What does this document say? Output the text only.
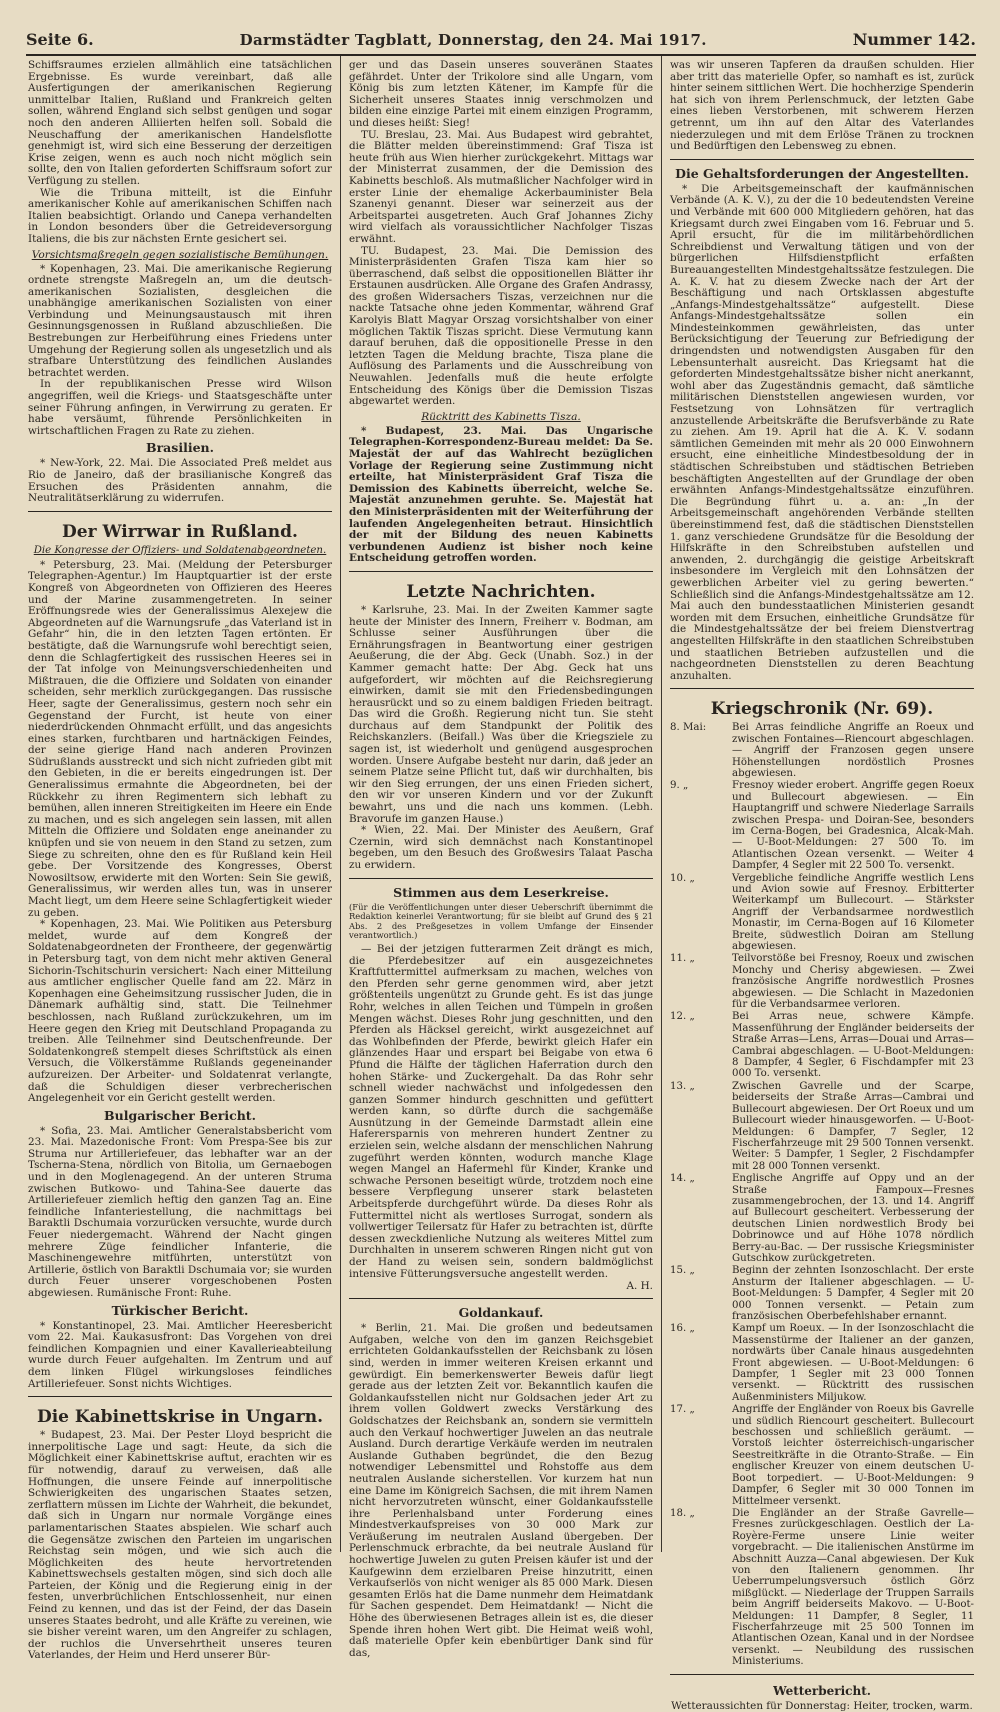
Seite 6.	Darmstädter Tagblatt, Donnerstag, den 24. Mai 1917.	Nummer 142.

Schiffsraumes erzielen allmählich eine tatsächlichen Ergebnisse. Es wurde vereinbart, daß alle Ausfertigungen der amerikanischen Regierung unmittelbar Italien, Rußland und Frankreich gelten sollen, während England sich selbst genügen und sogar noch den anderen Alliierten helfen soll. Sobald die Neuschaffung der amerikanischen Handelsflotte genehmigt ist, wird sich eine Besserung der derzeitigen Krise zeigen, wenn es auch noch nicht möglich sein sollte, den von Italien geforderten Schiffsraum sofort zur Verfügung zu stellen.

Wie die Tribuna mitteilt, ist die Einfuhr amerikanischer Kohle auf amerikanischen Schiffen nach Italien beabsichtigt. Orlando und Canepa verhandelten in London besonders über die Getreideversorgung Italiens, die bis zur nächsten Ernte gesichert sei.

Vorsichtsmaßregeln gegen sozialistische Bemühungen.

* Kopenhagen, 23. Mai. Die amerikanische Regierung ordnete strengste Maßregeln an, um die deutsch-amerikanischen Sozialisten, desgleichen die unabhängige amerikanischen Sozialisten von einer Verbindung und Meinungsaustausch mit ihren Gesinnungsgenossen in Rußland abzuschließen. Die Bestrebungen zur Herbeiführung eines Friedens unter Umgehung der Regierung sollen als ungesetzlich und als strafbare Unterstützung des feindlichen Auslandes betrachtet werden.

In der republikanischen Presse wird Wilson angegriffen, weil die Kriegs- und Staatsgeschäfte unter seiner Führung anfingen, in Verwirrung zu geraten. Er habe versäumt, führende Persönlichkeiten in wirtschaftlichen Fragen zu Rate zu ziehen.

Brasilien.

* New-York, 22. Mai. Die Associated Preß meldet aus Rio de Janeiro, daß der brasilianische Kongreß das Ersuchen des Präsidenten annahm, die Neutralitätserklärung zu widerrufen.

Der Wirrwar in Rußland.
Die Kongresse der Offiziers- und Soldatenabgeordneten.

* Petersburg, 23. Mai. (Meldung der Petersburger Telegraphen-Agentur.) Im Hauptquartier ist der erste Kongreß von Abgeordneten von Offizieren des Heeres und der Marine zusammengetreten. In seiner Eröffnungsrede wies der Generalissimus Alexejew die Abgeordneten auf die Warnungsrufe „das Vaterland ist in Gefahr“ hin, die in den letzten Tagen ertönten. Er bestätigte, daß die Warnungsrufe wohl berechtigt seien, denn die Schlagfertigkeit des russischen Heeres sei in der Tat infolge von Meinungsverschiedenheiten und Mißtrauen, die die Offiziere und Soldaten von einander scheiden, sehr merklich zurückgegangen. Das russische Heer, sagte der Generalissimus, gestern noch sehr ein Gegenstand der Furcht, ist heute von einer niederdrückenden Ohnmacht erfüllt, und das angesichts eines starken, furchtbaren und hartnäckigen Feindes, der seine gierige Hand nach anderen Provinzen Südrußlands ausstreckt und sich nicht zufrieden gibt mit den Gebieten, in die er bereits eingedrungen ist. Der Generalissimus ermahnte die Abgeordneten, bei der Rückkehr zu ihren Regimentern sich lebhaft zu bemühen, allen inneren Streitigkeiten im Heere ein Ende zu machen, und es sich angelegen sein lassen, mit allen Mitteln die Offiziere und Soldaten enge aneinander zu knüpfen und sie von neuem in den Stand zu setzen, zum Siege zu schreiten, ohne den es für Rußland kein Heil gebe. Der Vorsitzende des Kongresses, Oberst Nowosiltsow, erwiderte mit den Worten: Sein Sie gewiß, Generalissimus, wir werden alles tun, was in unserer Macht liegt, um dem Heere seine Schlagfertigkeit wieder zu geben.

* Kopenhagen, 23. Mai. Wie Politiken aus Petersburg meldet, wurde auf dem Kongreß der Soldatenabgeordneten der Frontheere, der gegenwärtig in Petersburg tagt, von dem nicht mehr aktiven General Sichorin-Tschitschurin versichert: Nach einer Mitteilung aus amtlicher englischer Quelle fand am 22. März in Kopenhagen eine Geheimsitzung russischer Juden, die in Dänemark aufhältig sind, statt. Die Teilnehmer beschlossen, nach Rußland zurückzukehren, um im Heere gegen den Krieg mit Deutschland Propaganda zu treiben. Alle Teilnehmer sind Deutschenfreunde. Der Soldatenkongreß stempelt dieses Schriftstück als einen Versuch, die Völkerstämme Rußlands gegeneinander aufzureizen. Der Arbeiter- und Soldatenrat verlangte, daß die Schuldigen dieser verbrecherischen Angelegenheit vor ein Gericht gestellt werden.

Bulgarischer Bericht.

* Sofia, 23. Mai. Amtlicher Generalstabsbericht vom 23. Mai. Mazedonische Front: Vom Prespa-See bis zur Struma nur Artilleriefeuer, das lebhafter war an der Tscherna-Stena, nördlich von Bitolia, um Gernaebogen und in den Moglenagegend. An der unteren Struma zwischen Butkowo- und Tahina-See dauerte das Artilleriefeuer ziemlich heftig den ganzen Tag an. Eine feindliche Infanteriestellung, die nachmittags bei Baraktli Dschumaia vorzurücken versuchte, wurde durch Feuer niedergemacht. Während der Nacht gingen mehrere Züge feindlicher Infanterie, die Maschinengewehre mitführten, unterstützt von Artillerie, östlich von Baraktli Dschumaia vor; sie wurden durch Feuer unserer vorgeschobenen Posten abgewiesen. Rumänische Front: Ruhe.

Türkischer Bericht.

* Konstantinopel, 23. Mai. Amtlicher Heeresbericht vom 22. Mai. Kaukasusfront: Das Vorgehen von drei feindlichen Kompagnien und einer Kavallerieabteilung wurde durch Feuer aufgehalten. Im Zentrum und auf dem linken Flügel wirkungsloses feindliches Artilleriefeuer. Sonst nichts Wichtiges.

Die Kabinettskrise in Ungarn.

* Budapest, 23. Mai. Der Pester Lloyd bespricht die innerpolitische Lage und sagt: Heute, da sich die Möglichkeit einer Kabinettskrise auftut, erachten wir es für notwendig, darauf zu verweisen, daß alle Hoffnungen, die unsere Feinde auf innerpolitische Schwierigkeiten des ungarischen Staates setzen, zerflattern müssen im Lichte der Wahrheit, die bekundet, daß sich in Ungarn nur normale Vorgänge eines parlamentarischen Staates abspielen. Wie scharf auch die Gegensätze zwischen den Parteien im ungarischen Reichstag sein mögen, und wie sich auch die Möglichkeiten des heute hervortretenden Kabinettswechsels gestalten mögen, sind sich doch alle Parteien, der König und die Regierung einig in der festen, unverbrüchlichen Entschlossenheit, nur einen Feind zu kennen, und das ist der Feind, der das Dasein unseres Staates bedroht, und alle Kräfte zu vereinen, wie sie bisher vereint waren, um den Angreifer zu schlagen, der ruchlos die Unversehrtheit unseres teuren Vaterlandes, der Heim und Herd unserer Bür-

ger und das Dasein unseres souveränen Staates gefährdet. Unter der Trikolore sind alle Ungarn, vom König bis zum letzten Kätener, im Kampfe für die Sicherheit unseres Staates innig verschmolzen und bilden eine einzige Partei mit einem einzigen Programm, und dieses heißt: Sieg!

TU. Breslau, 23. Mai. Aus Budapest wird gebrahtet, die Blätter melden übereinstimmend: Graf Tisza ist heute früh aus Wien hierher zurückgekehrt. Mittags war der Ministerrat zusammen, der die Demission des Kabinetts beschloß. Als mutmaßlicher Nachfolger wird in erster Linie der ehemalige Ackerbauminister Bela Szanenyi genannt. Dieser war seinerzeit aus der Arbeitspartei ausgetreten. Auch Graf Johannes Zichy wird vielfach als voraussichtlicher Nachfolger Tiszas erwähnt.

TU. Budapest, 23. Mai. Die Demission des Ministerpräsidenten Grafen Tisza kam hier so überraschend, daß selbst die oppositionellen Blätter ihr Erstaunen ausdrücken. Alle Organe des Grafen Andrassy, des großen Widersachers Tiszas, verzeichnen nur die nackte Tatsache ohne jeden Kommentar, während Graf Karolyis Blatt Magyar Orszag vorsichtshalber von einer möglichen Taktik Tiszas spricht. Diese Vermutung kann darauf beruhen, daß die oppositionelle Presse in den letzten Tagen die Meldung brachte, Tisza plane die Auflösung des Parlaments und die Ausschreibung von Neuwahlen. Jedenfalls muß die heute erfolgte Entscheidung des Königs über die Demission Tiszas abgewartet werden.

Rücktritt des Kabinetts Tisza.

* Budapest, 23. Mai. Das Ungarische Telegraphen-Korrespondenz-Bureau meldet: Da Se. Majestät der auf das Wahlrecht bezüglichen Vorlage der Regierung seine Zustimmung nicht erteilte, hat Ministerpräsident Graf Tisza die Demission des Kabinetts überreicht, welche Se. Majestät anzunehmen geruhte. Se. Majestät hat den Ministerpräsidenten mit der Weiterführung der laufenden Angelegenheiten betraut. Hinsichtlich der mit der Bildung des neuen Kabinetts verbundenen Audienz ist bisher noch keine Entscheidung getroffen worden.

Letzte Nachrichten.

* Karlsruhe, 23. Mai. In der Zweiten Kammer sagte heute der Minister des Innern, Freiherr v. Bodman, am Schlusse seiner Ausführungen über die Ernährungsfragen in Beantwortung einer gestrigen Aeußerung, die der Abg. Geck (Unabh. Soz.) in der Kammer gemacht hatte: Der Abg. Geck hat uns aufgefordert, wir möchten auf die Reichsregierung einwirken, damit sie mit den Friedensbedingungen herausrückt und so zu einem baldigen Frieden beitragt. Das wird die Großh. Regierung nicht tun. Sie steht durchaus auf dem Standpunkt der Politik des Reichskanzlers. (Beifall.) Was über die Kriegsziele zu sagen ist, ist wiederholt und genügend ausgesprochen worden. Unsere Aufgabe besteht nur darin, daß jeder an seinem Platze seine Pflicht tut, daß wir durchhalten, bis wir den Sieg errungen, der uns einen Frieden sichert, den wir vor unseren Kindern und vor der Zukunft bewahrt, uns und die nach uns kommen. (Lebh. Bravorufe im ganzen Hause.)

* Wien, 22. Mai. Der Minister des Aeußern, Graf Czernin, wird sich demnächst nach Konstantinopel begeben, um den Besuch des Großwesirs Talaat Pascha zu erwidern.

Stimmen aus dem Leserkreise.

(Für die Veröffentlichungen unter dieser Ueberschrift übernimmt die Redaktion keinerlei Verantwortung; für sie bleibt auf Grund des § 21 Abs. 2 des Preßgesetzes in vollem Umfange der Einsender verantwortlich.)

— Bei der jetzigen futterarmen Zeit drängt es mich, die Pferdebesitzer auf ein ausgezeichnetes Kraftfuttermittel aufmerksam zu machen, welches von den Pferden sehr gerne genommen wird, aber jetzt größtenteils ungenützt zu Grunde geht. Es ist das junge Rohr, welches in allen Teichen und Tümpeln in großen Mengen wächst. Dieses Rohr jung geschnitten, und den Pferden als Häcksel gereicht, wirkt ausgezeichnet auf das Wohlbefinden der Pferde, bewirkt gleich Hafer ein glänzendes Haar und erspart bei Beigabe von etwa 6 Pfund die Hälfte der täglichen Haferration durch den hohen Stärke- und Zuckergehalt. Da das Rohr sehr schnell wieder nachwächst und infolgedessen den ganzen Sommer hindurch geschnitten und gefüttert werden kann, so dürfte durch die sachgemäße Ausnützung in der Gemeinde Darmstadt allein eine Haferersparnis von mehreren hundert Zentner zu erzielen sein, welche alsdann der menschlichen Nahrung zugeführt werden könnten, wodurch manche Klage wegen Mangel an Hafermehl für Kinder, Kranke und schwache Personen beseitigt würde, trotzdem noch eine bessere Verpflegung unserer stark belasteten Arbeitspferde durchgeführt würde. Da dieses Rohr als Futtermittel nicht als wertloses Surrogat, sondern als vollwertiger Teilersatz für Hafer zu betrachten ist, dürfte dessen zweckdienliche Nutzung als weiteres Mittel zum Durchhalten in unserem schweren Ringen nicht gut von der Hand zu weisen sein, sondern baldmöglichst intensive Fütterungsversuche angestellt werden.

A. H.

Goldankauf.

* Berlin, 21. Mai. Die großen und bedeutsamen Aufgaben, welche von den im ganzen Reichsgebiet errichteten Goldankaufsstellen der Reichsbank zu lösen sind, werden in immer weiteren Kreisen erkannt und gewürdigt. Ein bemerkenswerter Beweis dafür liegt gerade aus der letzten Zeit vor. Bekanntlich kaufen die Goldankaufsstellen nicht nur Goldsachen jeder Art zu ihrem vollen Goldwert zwecks Verstärkung des Goldschatzes der Reichsbank an, sondern sie vermitteln auch den Verkauf hochwertiger Juwelen an das neutrale Ausland. Durch derartige Verkäufe werden im neutralen Auslande Guthaben begründet, die den Bezug notwendiger Lebensmittel und Rohstoffe aus dem neutralen Auslande sicherstellen. Vor kurzem hat nun eine Dame im Königreich Sachsen, die mit ihrem Namen nicht hervorzutreten wünscht, einer Goldankaufsstelle ihre Perlenhalsband unter Forderung eines Mindestverkaufspreises von 30 000 Mark zur Veräußerung im neutralen Ausland übergeben. Der Perlenschmuck erbrachte, da bei neutrale Ausland für hochwertige Juwelen zu guten Preisen käufer ist und der Kaufgewinn dem erzielbaren Preise hinzutritt, einen Verkaufserlös von nicht weniger als 85 000 Mark. Diesen gesamten Erlös hat die Dame nunmehr dem Heimatdank für Sachen gespendet. Dem Heimatdank! — Nicht die Höhe des überwiesenen Betrages allein ist es, die dieser Spende ihren hohen Wert gibt. Die Heimat weiß wohl, daß materielle Opfer kein ebenbürtiger Dank sind für das,

was wir unseren Tapferen da draußen schulden. Hier aber tritt das materielle Opfer, so namhaft es ist, zurück hinter seinem sittlichen Wert. Die hochherzige Spenderin hat sich von ihrem Perlenschmuck, der letzten Gabe eines lieben Verstorbenen, mit schwerem Herzen getrennt, um ihn auf den Altar des Vaterlandes niederzulegen und mit dem Erlöse Tränen zu trocknen und Bedürftigen den Lebensweg zu ebnen.

Die Gehaltsforderungen der Angestellten.

* Die Arbeitsgemeinschaft der kaufmännischen Verbände (A. K. V.), zu der die 10 bedeutendsten Vereine und Verbände mit 600 000 Mitgliedern gehören, hat das Kriegsamt durch zwei Eingaben vom 16. Februar und 5. April ersucht, für die im militärbehördlichen Schreibdienst und Verwaltung tätigen und von der bürgerlichen Hilfsdienstpflicht erfaßten Bureauangestellten Mindestgehaltssätze festzulegen. Die A. K. V. hat zu diesem Zwecke nach der Art der Beschäftigung und nach Ortsklassen abgestufte „Anfangs-Mindestgehaltssätze“ aufgestellt. Diese Anfangs-Mindestgehaltssätze sollen ein Mindesteinkommen gewährleisten, das unter Berücksichtigung der Teuerung zur Befriedigung der dringendsten und notwendigsten Ausgaben für den Lebensunterhalt ausreicht. Das Kriegsamt hat die geforderten Mindestgehaltssätze bisher nicht anerkannt, wohl aber das Zugeständnis gemacht, daß sämtliche militärischen Dienststellen angewiesen wurden, vor Festsetzung von Lohnsätzen für vertraglich anzustellende Arbeitskräfte die Berufsverbände zu Rate zu ziehen. Am 19. April hat die A. K. V. sodann sämtlichen Gemeinden mit mehr als 20 000 Einwohnern ersucht, eine einheitliche Mindestbesoldung der in städtischen Schreibstuben und städtischen Betrieben beschäftigten Angestellten auf der Grundlage der oben erwähnten Anfangs-Mindestgehaltssätze einzuführen. Die Begründung führt u. a. an: „In der Arbeitsgemeinschaft angehörenden Verbände stellten übereinstimmend fest, daß die städtischen Dienststellen 1. ganz verschiedene Grundsätze für die Besoldung der Hilfskräfte in den Schreibstuben aufstellen und anwenden, 2. durchgängig die geistige Arbeitskraft insbesondere im Vergleich mit den Lohnsätzen der gewerblichen Arbeiter viel zu gering bewerten.“ Schließlich sind die Anfangs-Mindestgehaltssätze am 12. Mai auch den bundesstaatlichen Ministerien gesandt worden mit dem Ersuchen, einheitliche Grundsätze für die Mindestgehaltssätze der bei freiem Dienstvertrag angestellten Hilfskräfte in den staatlichen Schreibstuben und staatlichen Betrieben aufzustellen und die nachgeordneten Dienststellen zu deren Beachtung anzuhalten.

Kriegschronik (Nr. 69).
8. Mai:	Bei Arras feindliche Angriffe an Roeux und zwischen Fontaines—Riencourt abgeschlagen. — Angriff der Franzosen gegen unsere Höhenstellungen nordöstlich Prosnes abgewiesen.
9. „	Fresnoy wieder erobert. Angriffe gegen Roeux und Bullecourt abgewiesen. — Ein Hauptangriff und schwere Niederlage Sarrails zwischen Prespa- und Doiran-See, besonders im Cerna-Bogen, bei Gradesnica, Alcak-Mah. — U-Boot-Meldungen: 27 500 To. im Atlantischen Ozean versenkt. — Weiter 4 Dampfer, 4 Segler mit 22 500 To. versenkt.
10. „	Vergebliche feindliche Angriffe westlich Lens und Avion sowie auf Fresnoy. Erbitterter Weiterkampf um Bullecourt. — Stärkster Angriff der Verbandsarmee nordwestlich Monastir, im Cerna-Bogen auf 16 Kilometer Breite, südwestlich Doiran am Stellung abgewiesen.
11. „	Teilvorstöße bei Fresnoy, Roeux und zwischen Monchy und Cherisy abgewiesen. — Zwei französische Angriffe nordwestlich Prosnes abgewiesen. — Die Schlacht in Mazedonien für die Verbandsarmee verloren.
12. „	Bei Arras neue, schwere Kämpfe. Massenführung der Engländer beiderseits der Straße Arras—Lens, Arras—Douai und Arras—Cambrai abgeschlagen. — U-Boot-Meldungen: 8 Dampfer, 4 Segler, 6 Fischdampfer mit 23 000 To. versenkt.
13. „	Zwischen Gavrelle und der Scarpe, beiderseits der Straße Arras—Cambrai und Bullecourt abgewiesen. Der Ort Roeux und um Bullecourt wieder hinausgeworfen. — U-Boot-Meldungen: 6 Dampfer, 7 Segler, 12 Fischerfahrzeuge mit 29 500 Tonnen versenkt. Weiter: 5 Dampfer, 1 Segler, 2 Fischdampfer mit 28 000 Tonnen versenkt.
14. „	Englische Angriffe auf Oppy und an der Straße Fampoux—Fresnes zusammengebrochen, der 13. und 14. Angriff auf Bullecourt gescheitert. Verbesserung der deutschen Linien nordwestlich Brody bei Dobrinowce und auf Höhe 1078 nördlich Berry-au-Bac. — Der russische Kriegsminister Gutschkow zurückgetreten.
15. „	Beginn der zehnten Isonzoschlacht. Der erste Ansturm der Italiener abgeschlagen. — U-Boot-Meldungen: 5 Dampfer, 4 Segler mit 20 000 Tonnen versenkt. — Petain zum französischen Oberbefehlshaber ernannt.
16. „	Kampf um Roeux. — In der Isonzoschlacht die Massenstürme der Italiener an der ganzen, nordwärts über Canale hinaus ausgedehnten Front abgewiesen. — U-Boot-Meldungen: 6 Dampfer, 1 Segler mit 23 000 Tonnen versenkt. — Rücktritt des russischen Außenministers Miljukow.
17. „	Angriffe der Engländer von Roeux bis Gavrelle und südlich Riencourt gescheitert. Bullecourt beschossen und schließlich geräumt. — Vorstoß leichter österreichisch-ungarischer Seestreitkräfte in die Otranto-Straße. — Ein englischer Kreuzer von einem deutschen U-Boot torpediert. — U-Boot-Meldungen: 9 Dampfer, 6 Segler mit 30 000 Tonnen im Mittelmeer versenkt.
18. „	Die Engländer an der Straße Gavrelle—Fresnes zurückgeschlagen. Oestlich der La-Royère-Ferme unsere Linie weiter vorgebracht. — Die italienischen Anstürme im Abschnitt Auzza—Canal abgewiesen. Der Kuk von den Italienern genommen. Ihr Ueberrumpelungsversuch östlich Görz mißglückt. — Niederlage der Truppen Sarrails beim Angriff beiderseits Makovo. — U-Boot-Meldungen: 11 Dampfer, 8 Segler, 11 Fischerfahrzeuge mit 25 500 Tonnen im Atlantischen Ozean, Kanal und in der Nordsee versenkt. — Neubildung des russischen Ministeriums.
Wetterbericht.
Wetteraussichten für Donnerstag: Heiter, trocken, warm.
